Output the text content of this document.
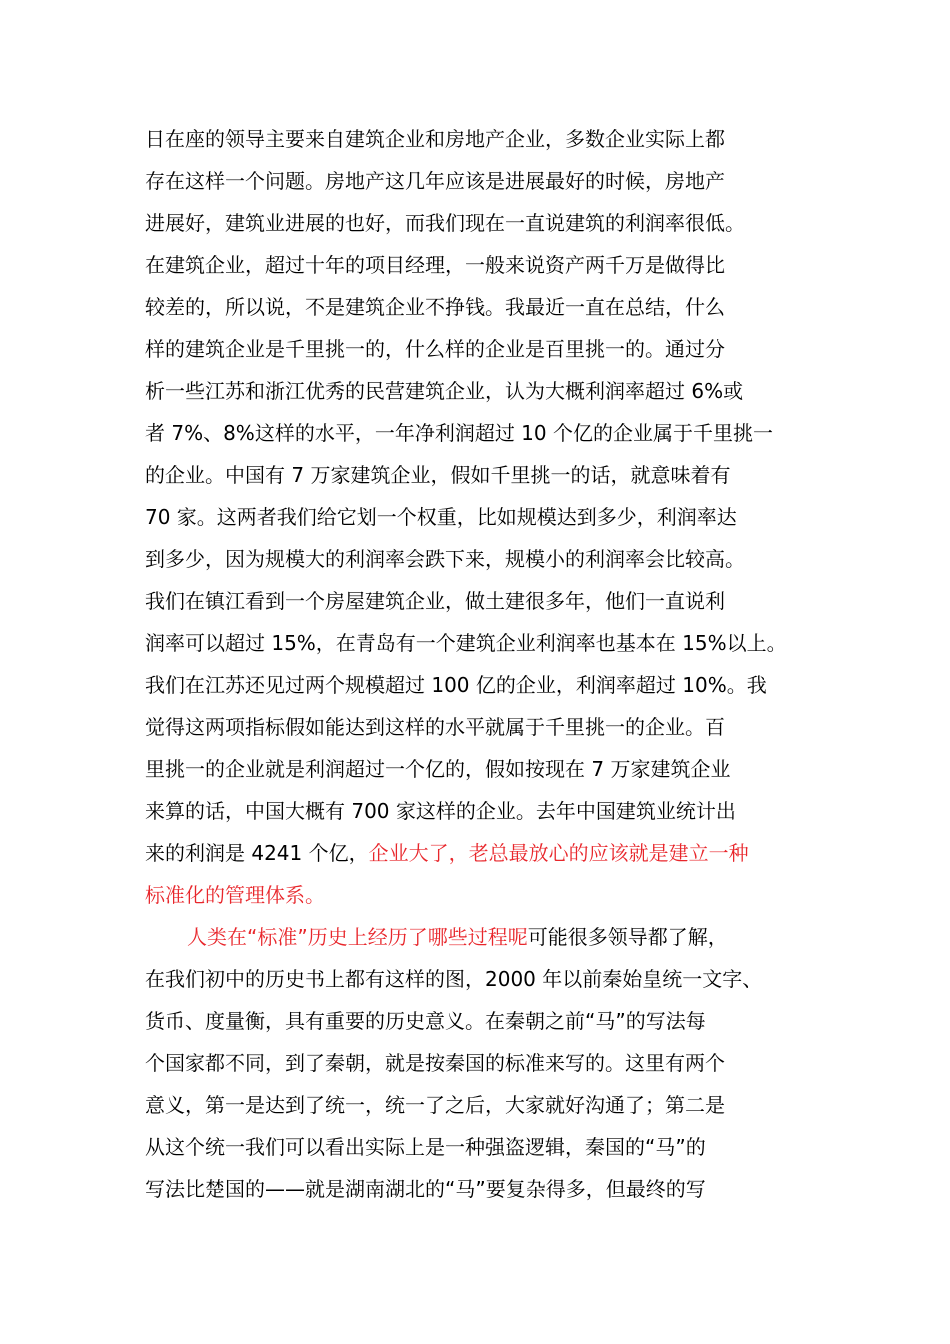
日在座的领导主要来自建筑企业和房地产企业，多数企业实际上都
存在这样一个问题。房地产这几年应该是进展最好的时候，房地产
进展好，建筑业进展的也好，而我们现在一直说建筑的利润率很低。
在建筑企业，超过十年的项目经理，一般来说资产两千万是做得比
较差的，所以说，不是建筑企业不挣钱。我最近一直在总结，什么
样的建筑企业是千里挑一的，什么样的企业是百里挑一的。通过分
析一些江苏和浙江优秀的民营建筑企业，认为大概利润率超过 6%或
者 7%、8%这样的水平，一年净利润超过 10 个亿的企业属于千里挑一
的企业。中国有 7 万家建筑企业，假如千里挑一的话，就意味着有
70 家。这两者我们给它划一个权重，比如规模达到多少，利润率达
到多少，因为规模大的利润率会跌下来，规模小的利润率会比较高。
我们在镇江看到一个房屋建筑企业，做土建很多年，他们一直说利
润率可以超过 15%，在青岛有一个建筑企业利润率也基本在 15%以上。
我们在江苏还见过两个规模超过 100 亿的企业，利润率超过 10%。我
觉得这两项指标假如能达到这样的水平就属于千里挑一的企业。百
里挑一的企业就是利润超过一个亿的，假如按现在 7 万家建筑企业
来算的话，中国大概有 700 家这样的企业。去年中国建筑业统计出
来的利润是 4241 个亿，企业大了，老总最放心的应该就是建立一种
标准化的管理体系。
人类在“标准”历史上经历了哪些过程呢可能很多领导都了解，
在我们初中的历史书上都有这样的图，2000 年以前秦始皇统一文字、
货币、度量衡，具有重要的历史意义。在秦朝之前“马”的写法每
个国家都不同，到了秦朝，就是按秦国的标准来写的。这里有两个
意义，第一是达到了统一，统一了之后，大家就好沟通了；第二是
从这个统一我们可以看出实际上是一种强盗逻辑，秦国的“马”的
写法比楚国的——就是湖南湖北的“马”要复杂得多，但最终的写
